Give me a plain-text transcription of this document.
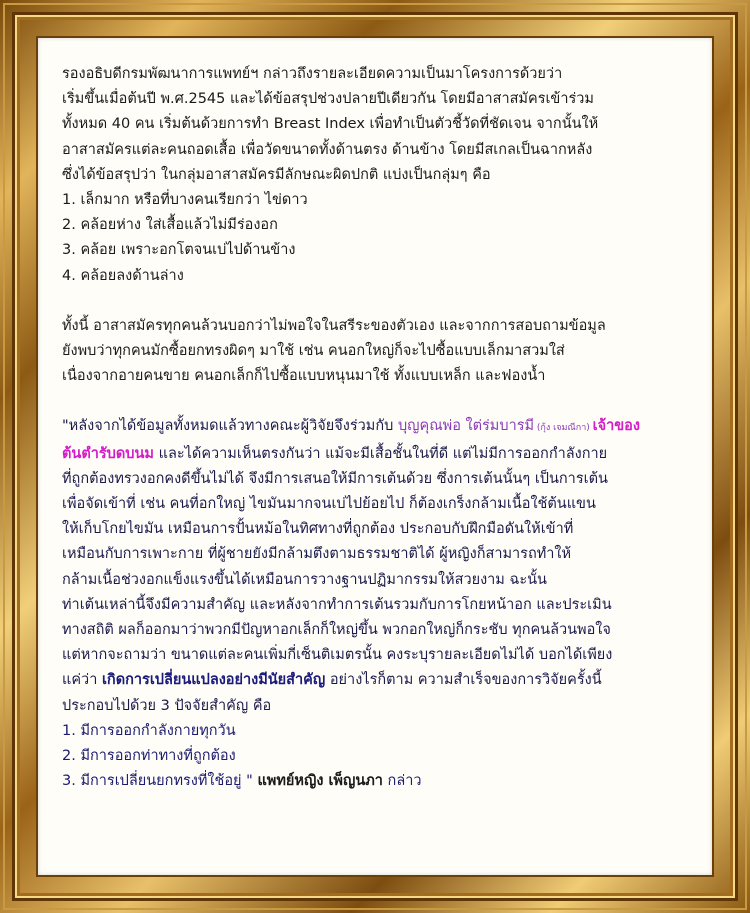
รองอธิบดีกรมพัฒนาการแพทย์ฯ กล่าวถึงรายละเอียดความเป็นมาโครงการด้วยว่า
เริ่มขึ้นเมื่อต้นปี พ.ศ.2545 และได้ข้อสรุปช่วงปลายปีเดียวกัน โดยมีอาสาสมัครเข้าร่วม
ทั้งหมด 40 คน เริ่มต้นด้วยการทำ Breast Index เพื่อทำเป็นตัวชี้วัดที่ชัดเจน จากนั้นให้
อาสาสมัครแต่ละคนถอดเสื้อ เพื่อวัดขนาดทั้งด้านตรง ด้านข้าง โดยมีสเกลเป็นฉากหลัง
ซึ่งได้ข้อสรุปว่า ในกลุ่มอาสาสมัครมีลักษณะผิดปกติ แบ่งเป็นกลุ่มๆ คือ

1. เล็กมาก หรือที่บางคนเรียกว่า ไข่ดาว
2. คล้อยห่าง ใส่เสื้อแล้วไม่มีร่องอก
3. คล้อย เพราะอกโตจนเบ่ไปด้านข้าง
4. คล้อยลงด้านล่าง

ทั้งนี้ อาสาสมัครทุกคนล้วนบอกว่าไม่พอใจในสรีระของตัวเอง และจากการสอบถามข้อมูล
ยังพบว่าทุกคนมักซื้อยกทรงผิดๆ มาใช้ เช่น คนอกใหญ่ก็จะไปซื้อแบบเล็กมาสวมใส่
เนื่องจากอายคนขาย คนอกเล็กก็ไปซื้อแบบหนุนมาใช้ ทั้งแบบเหล็ก และฟองน้ำ

"หลังจากได้ข้อมูลทั้งหมดแล้วทางคณะผู้วิจัยจึงร่วมกับ บุญคุณพ่อ ใต่ร่มบารมี (กุ้ง เจมณีกา) เจ้าของ
ต้นตำรับดบนม และได้ความเห็นตรงกันว่า แม้จะมีเสื้อชั้นในที่ดี แต่ไม่มีการออกกำลังกาย
ที่ถูกต้องทรวงอกคงดีขึ้นไม่ได้ จึงมีการเสนอให้มีการเต้นด้วย ซึ่งการเต้นนั้นๆ เป็นการเต้น
เพื่อจัดเข้าที่ เช่น คนที่อกใหญ่ ไขมันมากจนเบ่ไปย้อยไป ก็ต้องเกร็งกล้ามเนื้อใช้ต้นแขน
ให้เก็บโกยไขมัน เหมือนการปั้นหม้อในทิศทางที่ถูกต้อง ประกอบกับฝึกมือดันให้เข้าที่
เหมือนกับการเพาะกาย ที่ผู้ชายยังมีกล้ามตึงตามธรรมชาติได้ ผู้หญิงก็สามารถทำให้
กล้ามเนื้อช่วงอกแข็งแรงขึ้นได้เหมือนการวางฐานปฏิมากรรมให้สวยงาม ฉะนั้น
ท่าเต้นเหล่านี้จึงมีความสำคัญ และหลังจากทำการเต้นรวมกับการโกยหน้าอก และประเมิน
ทางสถิติ ผลก็ออกมาว่าพวกมีปัญหาอกเล็กก็ใหญ่ขึ้น พวกอกใหญ่ก็กระชับ ทุกคนล้วนพอใจ
แต่หากจะถามว่า ขนาดแต่ละคนเพิ่มกี่เซ็นติเมตรนั้น คงระบุรายละเอียดไม่ได้ บอกได้เพียง
แค่ว่า เกิดการเปลี่ยนแปลงอย่างมีนัยสำคัญ อย่างไรก็ตาม ความสำเร็จของการวิจัยครั้งนี้
ประกอบไปด้วย 3 ปัจจัยสำคัญ คือ

1. มีการออกกำลังกายทุกวัน
2. มีการออกท่าทางที่ถูกต้อง
3. มีการเปลี่ยนยกทรงที่ใช้อยู่ " แพทย์หญิง เพ็ญนภา กล่าว
